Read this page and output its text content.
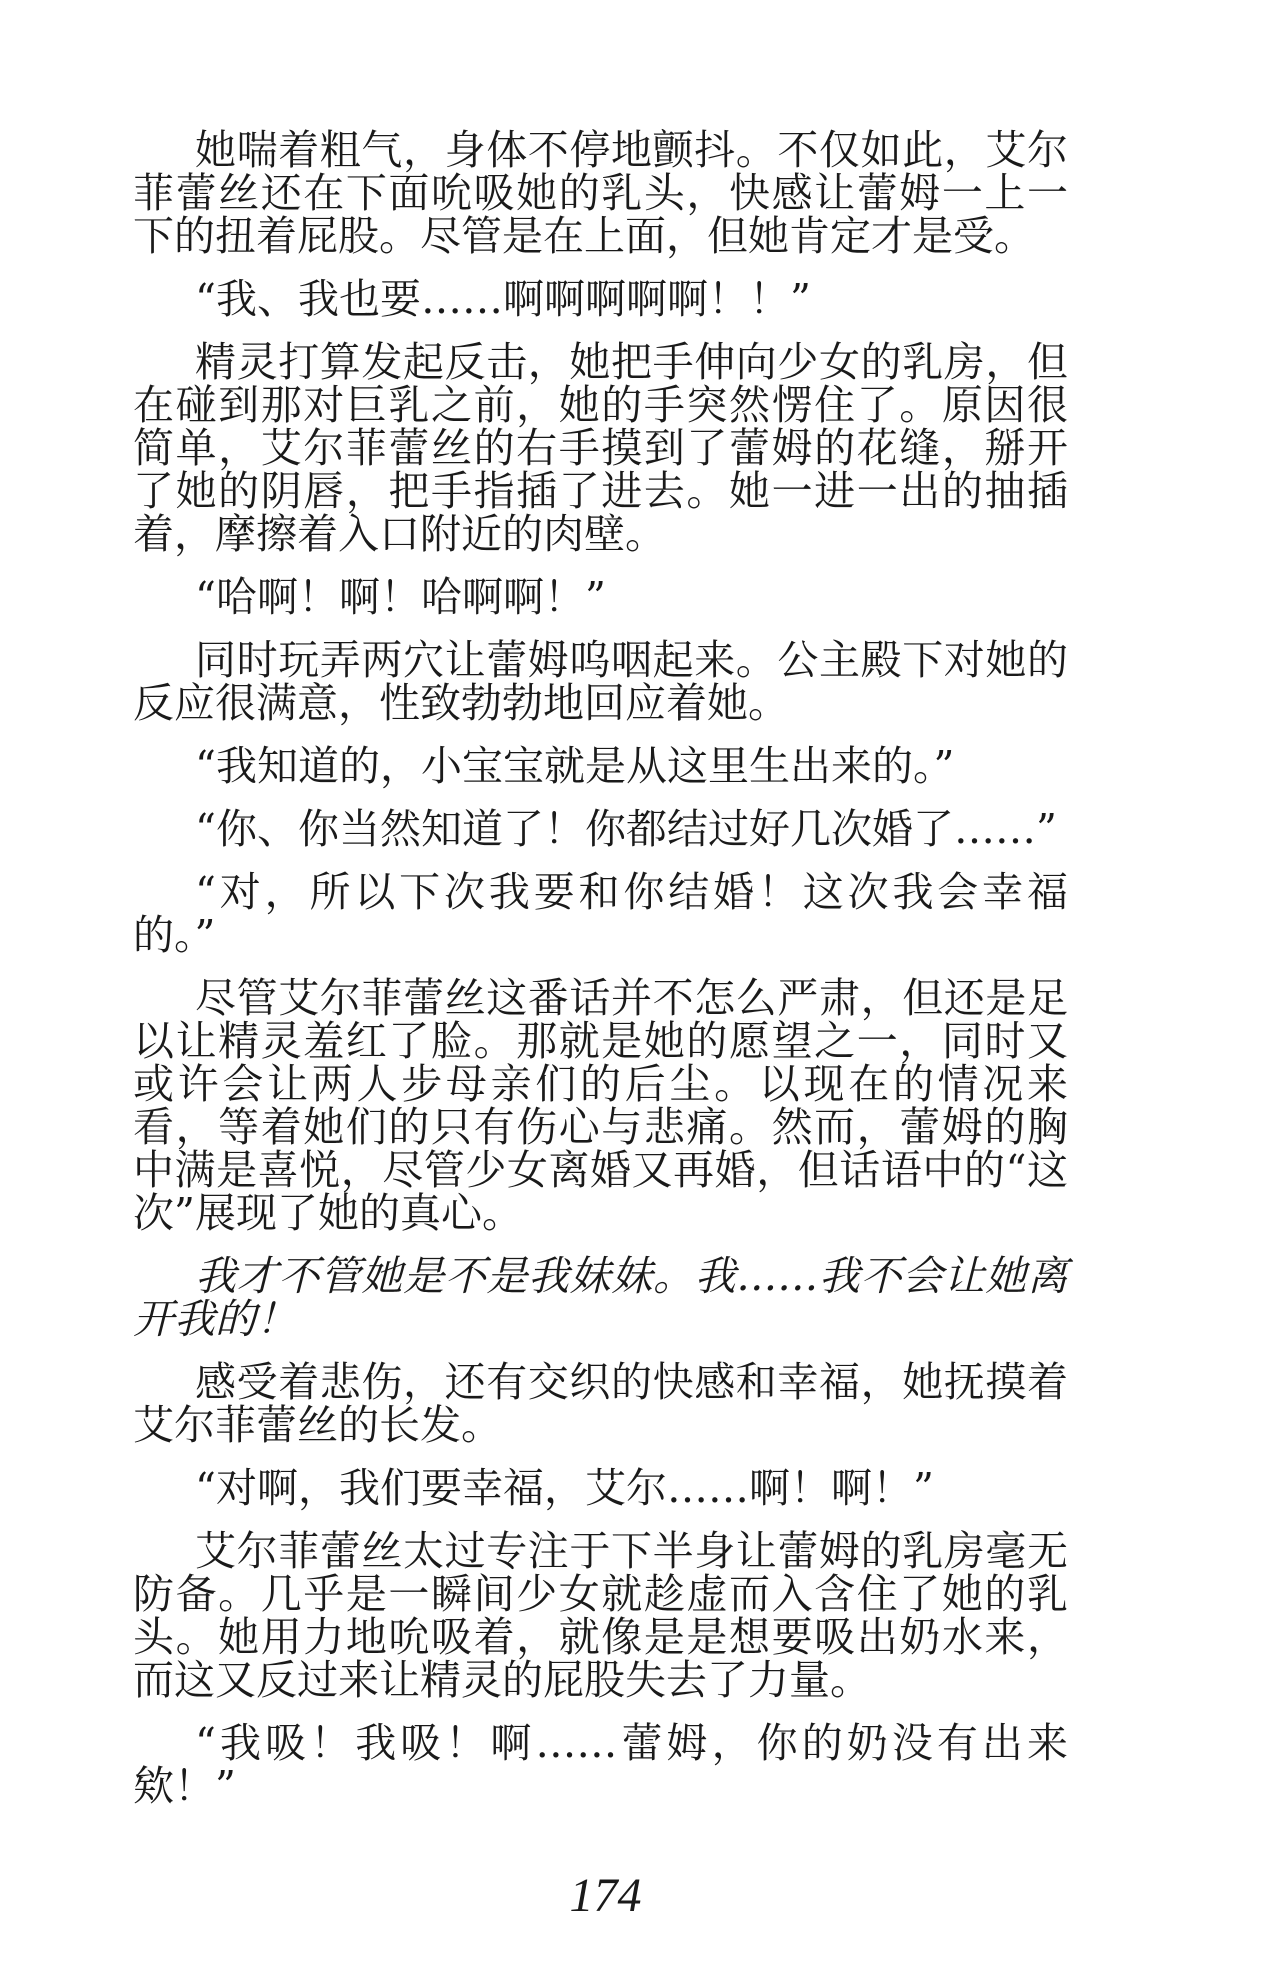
她喘着粗气，身体不停地颤抖。不仅如此，艾尔菲蕾丝还在下面吮吸她的乳头，快感让蕾姆一上一下的扭着屁股。尽管是在上面，但她肯定才是受。

“我、我也要……啊啊啊啊啊！！”

精灵打算发起反击，她把手伸向少女的乳房，但在碰到那对巨乳之前，她的手突然愣住了。原因很简单，艾尔菲蕾丝的右手摸到了蕾姆的花缝，掰开了她的阴唇，把手指插了进去。她一进一出的抽插着，摩擦着入口附近的肉壁。

“哈啊！啊！哈啊啊！”

同时玩弄两穴让蕾姆呜咽起来。公主殿下对她的反应很满意，性致勃勃地回应着她。

“我知道的，小宝宝就是从这里生出来的。”

“你、你当然知道了！你都结过好几次婚了……”

“对，所以下次我要和你结婚！这次我会幸福的。”

尽管艾尔菲蕾丝这番话并不怎么严肃，但还是足以让精灵羞红了脸。那就是她的愿望之一，同时又或许会让两人步母亲们的后尘。以现在的情况来看，等着她们的只有伤心与悲痛。然而，蕾姆的胸中满是喜悦，尽管少女离婚又再婚，但话语中的“这次”展现了她的真心。

我才不管她是不是我妹妹。我……我不会让她离开我的！

感受着悲伤，还有交织的快感和幸福，她抚摸着艾尔菲蕾丝的长发。

“对啊，我们要幸福，艾尔……啊！啊！”

艾尔菲蕾丝太过专注于下半身让蕾姆的乳房毫无防备。几乎是一瞬间少女就趁虚而入含住了她的乳头。她用力地吮吸着，就像是是想要吸出奶水来，而这又反过来让精灵的屁股失去了力量。

“我吸！我吸！啊……蕾姆，你的奶没有出来欸！”

174
